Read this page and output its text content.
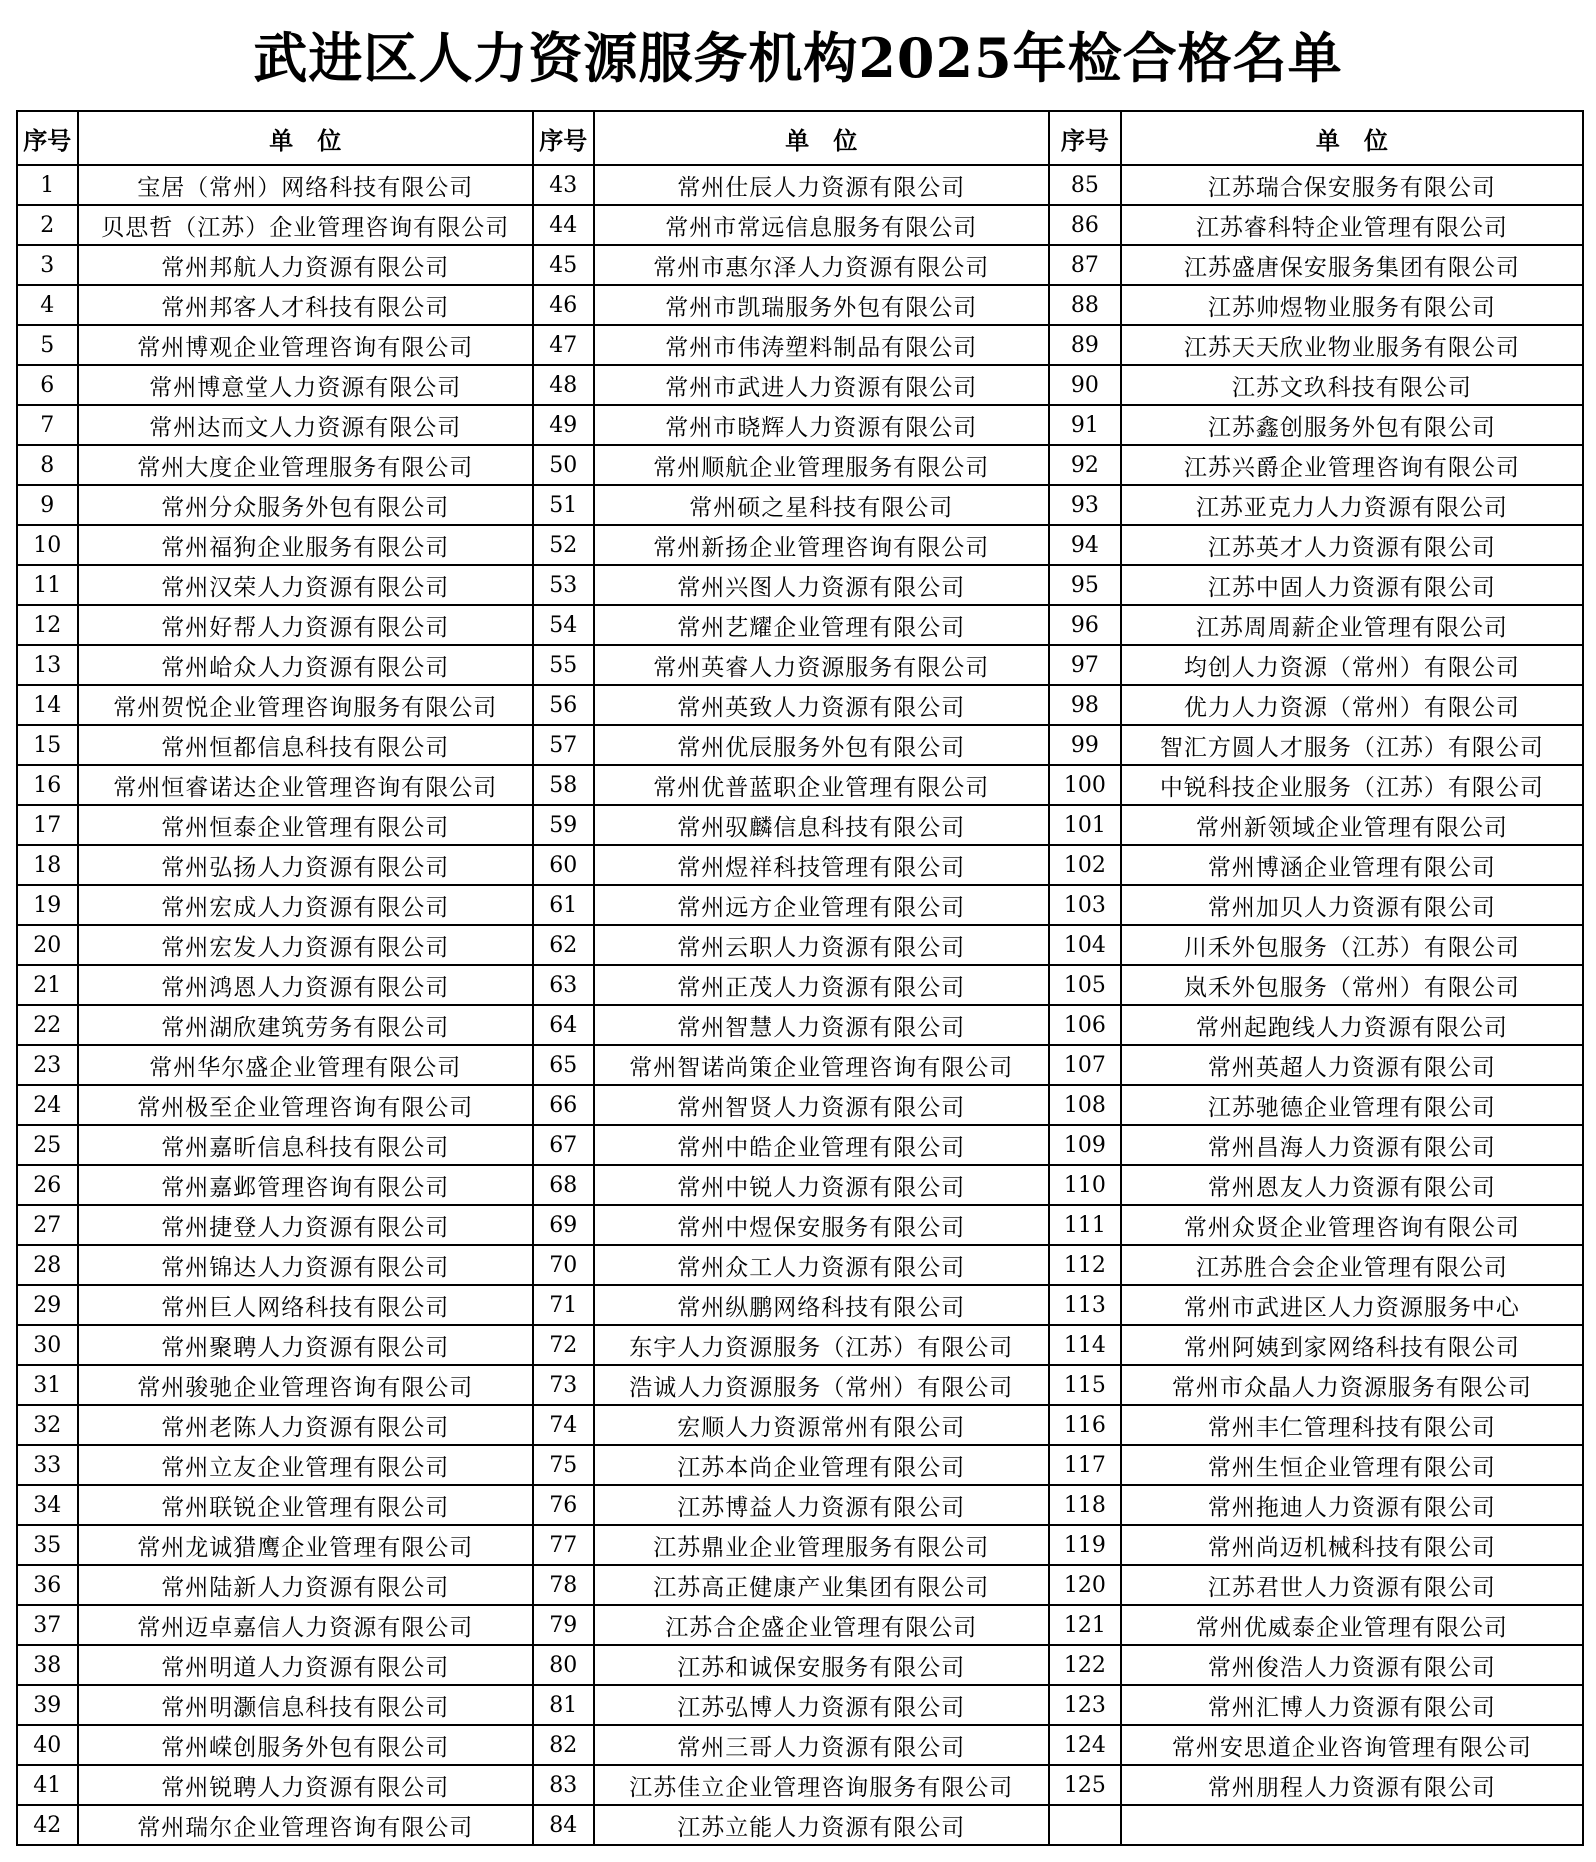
武进区人力资源服务机构2025年检合格名单
序号	单　位	序号	单　位	序号	单　位
1	宝居（常州）网络科技有限公司	43	常州仕辰人力资源有限公司	85	江苏瑞合保安服务有限公司
2	贝思哲（江苏）企业管理咨询有限公司	44	常州市常远信息服务有限公司	86	江苏睿科特企业管理有限公司
3	常州邦航人力资源有限公司	45	常州市惠尔泽人力资源有限公司	87	江苏盛唐保安服务集团有限公司
4	常州邦客人才科技有限公司	46	常州市凯瑞服务外包有限公司	88	江苏帅煜物业服务有限公司
5	常州博观企业管理咨询有限公司	47	常州市伟涛塑料制品有限公司	89	江苏天天欣业物业服务有限公司
6	常州博意堂人力资源有限公司	48	常州市武进人力资源有限公司	90	江苏文玖科技有限公司
7	常州达而文人力资源有限公司	49	常州市晓辉人力资源有限公司	91	江苏鑫创服务外包有限公司
8	常州大度企业管理服务有限公司	50	常州顺航企业管理服务有限公司	92	江苏兴爵企业管理咨询有限公司
9	常州分众服务外包有限公司	51	常州硕之星科技有限公司	93	江苏亚克力人力资源有限公司
10	常州福狗企业服务有限公司	52	常州新扬企业管理咨询有限公司	94	江苏英才人力资源有限公司
11	常州汉荣人力资源有限公司	53	常州兴图人力资源有限公司	95	江苏中固人力资源有限公司
12	常州好帮人力资源有限公司	54	常州艺耀企业管理有限公司	96	江苏周周薪企业管理有限公司
13	常州峆众人力资源有限公司	55	常州英睿人力资源服务有限公司	97	均创人力资源（常州）有限公司
14	常州贺悦企业管理咨询服务有限公司	56	常州英致人力资源有限公司	98	优力人力资源（常州）有限公司
15	常州恒都信息科技有限公司	57	常州优辰服务外包有限公司	99	智汇方圆人才服务（江苏）有限公司
16	常州恒睿诺达企业管理咨询有限公司	58	常州优普蓝职企业管理有限公司	100	中锐科技企业服务（江苏）有限公司
17	常州恒泰企业管理有限公司	59	常州驭麟信息科技有限公司	101	常州新领域企业管理有限公司
18	常州弘扬人力资源有限公司	60	常州煜祥科技管理有限公司	102	常州博涵企业管理有限公司
19	常州宏成人力资源有限公司	61	常州远方企业管理有限公司	103	常州加贝人力资源有限公司
20	常州宏发人力资源有限公司	62	常州云职人力资源有限公司	104	川禾外包服务（江苏）有限公司
21	常州鸿恩人力资源有限公司	63	常州正茂人力资源有限公司	105	岚禾外包服务（常州）有限公司
22	常州湖欣建筑劳务有限公司	64	常州智慧人力资源有限公司	106	常州起跑线人力资源有限公司
23	常州华尔盛企业管理有限公司	65	常州智诺尚策企业管理咨询有限公司	107	常州英超人力资源有限公司
24	常州极至企业管理咨询有限公司	66	常州智贤人力资源有限公司	108	江苏驰德企业管理有限公司
25	常州嘉昕信息科技有限公司	67	常州中皓企业管理有限公司	109	常州昌海人力资源有限公司
26	常州嘉邺管理咨询有限公司	68	常州中锐人力资源有限公司	110	常州恩友人力资源有限公司
27	常州捷登人力资源有限公司	69	常州中煜保安服务有限公司	111	常州众贤企业管理咨询有限公司
28	常州锦达人力资源有限公司	70	常州众工人力资源有限公司	112	江苏胜合会企业管理有限公司
29	常州巨人网络科技有限公司	71	常州纵鹏网络科技有限公司	113	常州市武进区人力资源服务中心
30	常州聚聘人力资源有限公司	72	东宇人力资源服务（江苏）有限公司	114	常州阿姨到家网络科技有限公司
31	常州骏驰企业管理咨询有限公司	73	浩诚人力资源服务（常州）有限公司	115	常州市众晶人力资源服务有限公司
32	常州老陈人力资源有限公司	74	宏顺人力资源常州有限公司	116	常州丰仁管理科技有限公司
33	常州立友企业管理有限公司	75	江苏本尚企业管理有限公司	117	常州生恒企业管理有限公司
34	常州联锐企业管理有限公司	76	江苏博益人力资源有限公司	118	常州拖迪人力资源有限公司
35	常州龙诚猎鹰企业管理有限公司	77	江苏鼎业企业管理服务有限公司	119	常州尚迈机械科技有限公司
36	常州陆新人力资源有限公司	78	江苏高正健康产业集团有限公司	120	江苏君世人力资源有限公司
37	常州迈卓嘉信人力资源有限公司	79	江苏合企盛企业管理有限公司	121	常州优威泰企业管理有限公司
38	常州明道人力资源有限公司	80	江苏和诚保安服务有限公司	122	常州俊浩人力资源有限公司
39	常州明灏信息科技有限公司	81	江苏弘博人力资源有限公司	123	常州汇博人力资源有限公司
40	常州嵘创服务外包有限公司	82	常州三哥人力资源有限公司	124	常州安思道企业咨询管理有限公司
41	常州锐聘人力资源有限公司	83	江苏佳立企业管理咨询服务有限公司	125	常州朋程人力资源有限公司
42	常州瑞尔企业管理咨询有限公司	84	江苏立能人力资源有限公司		
